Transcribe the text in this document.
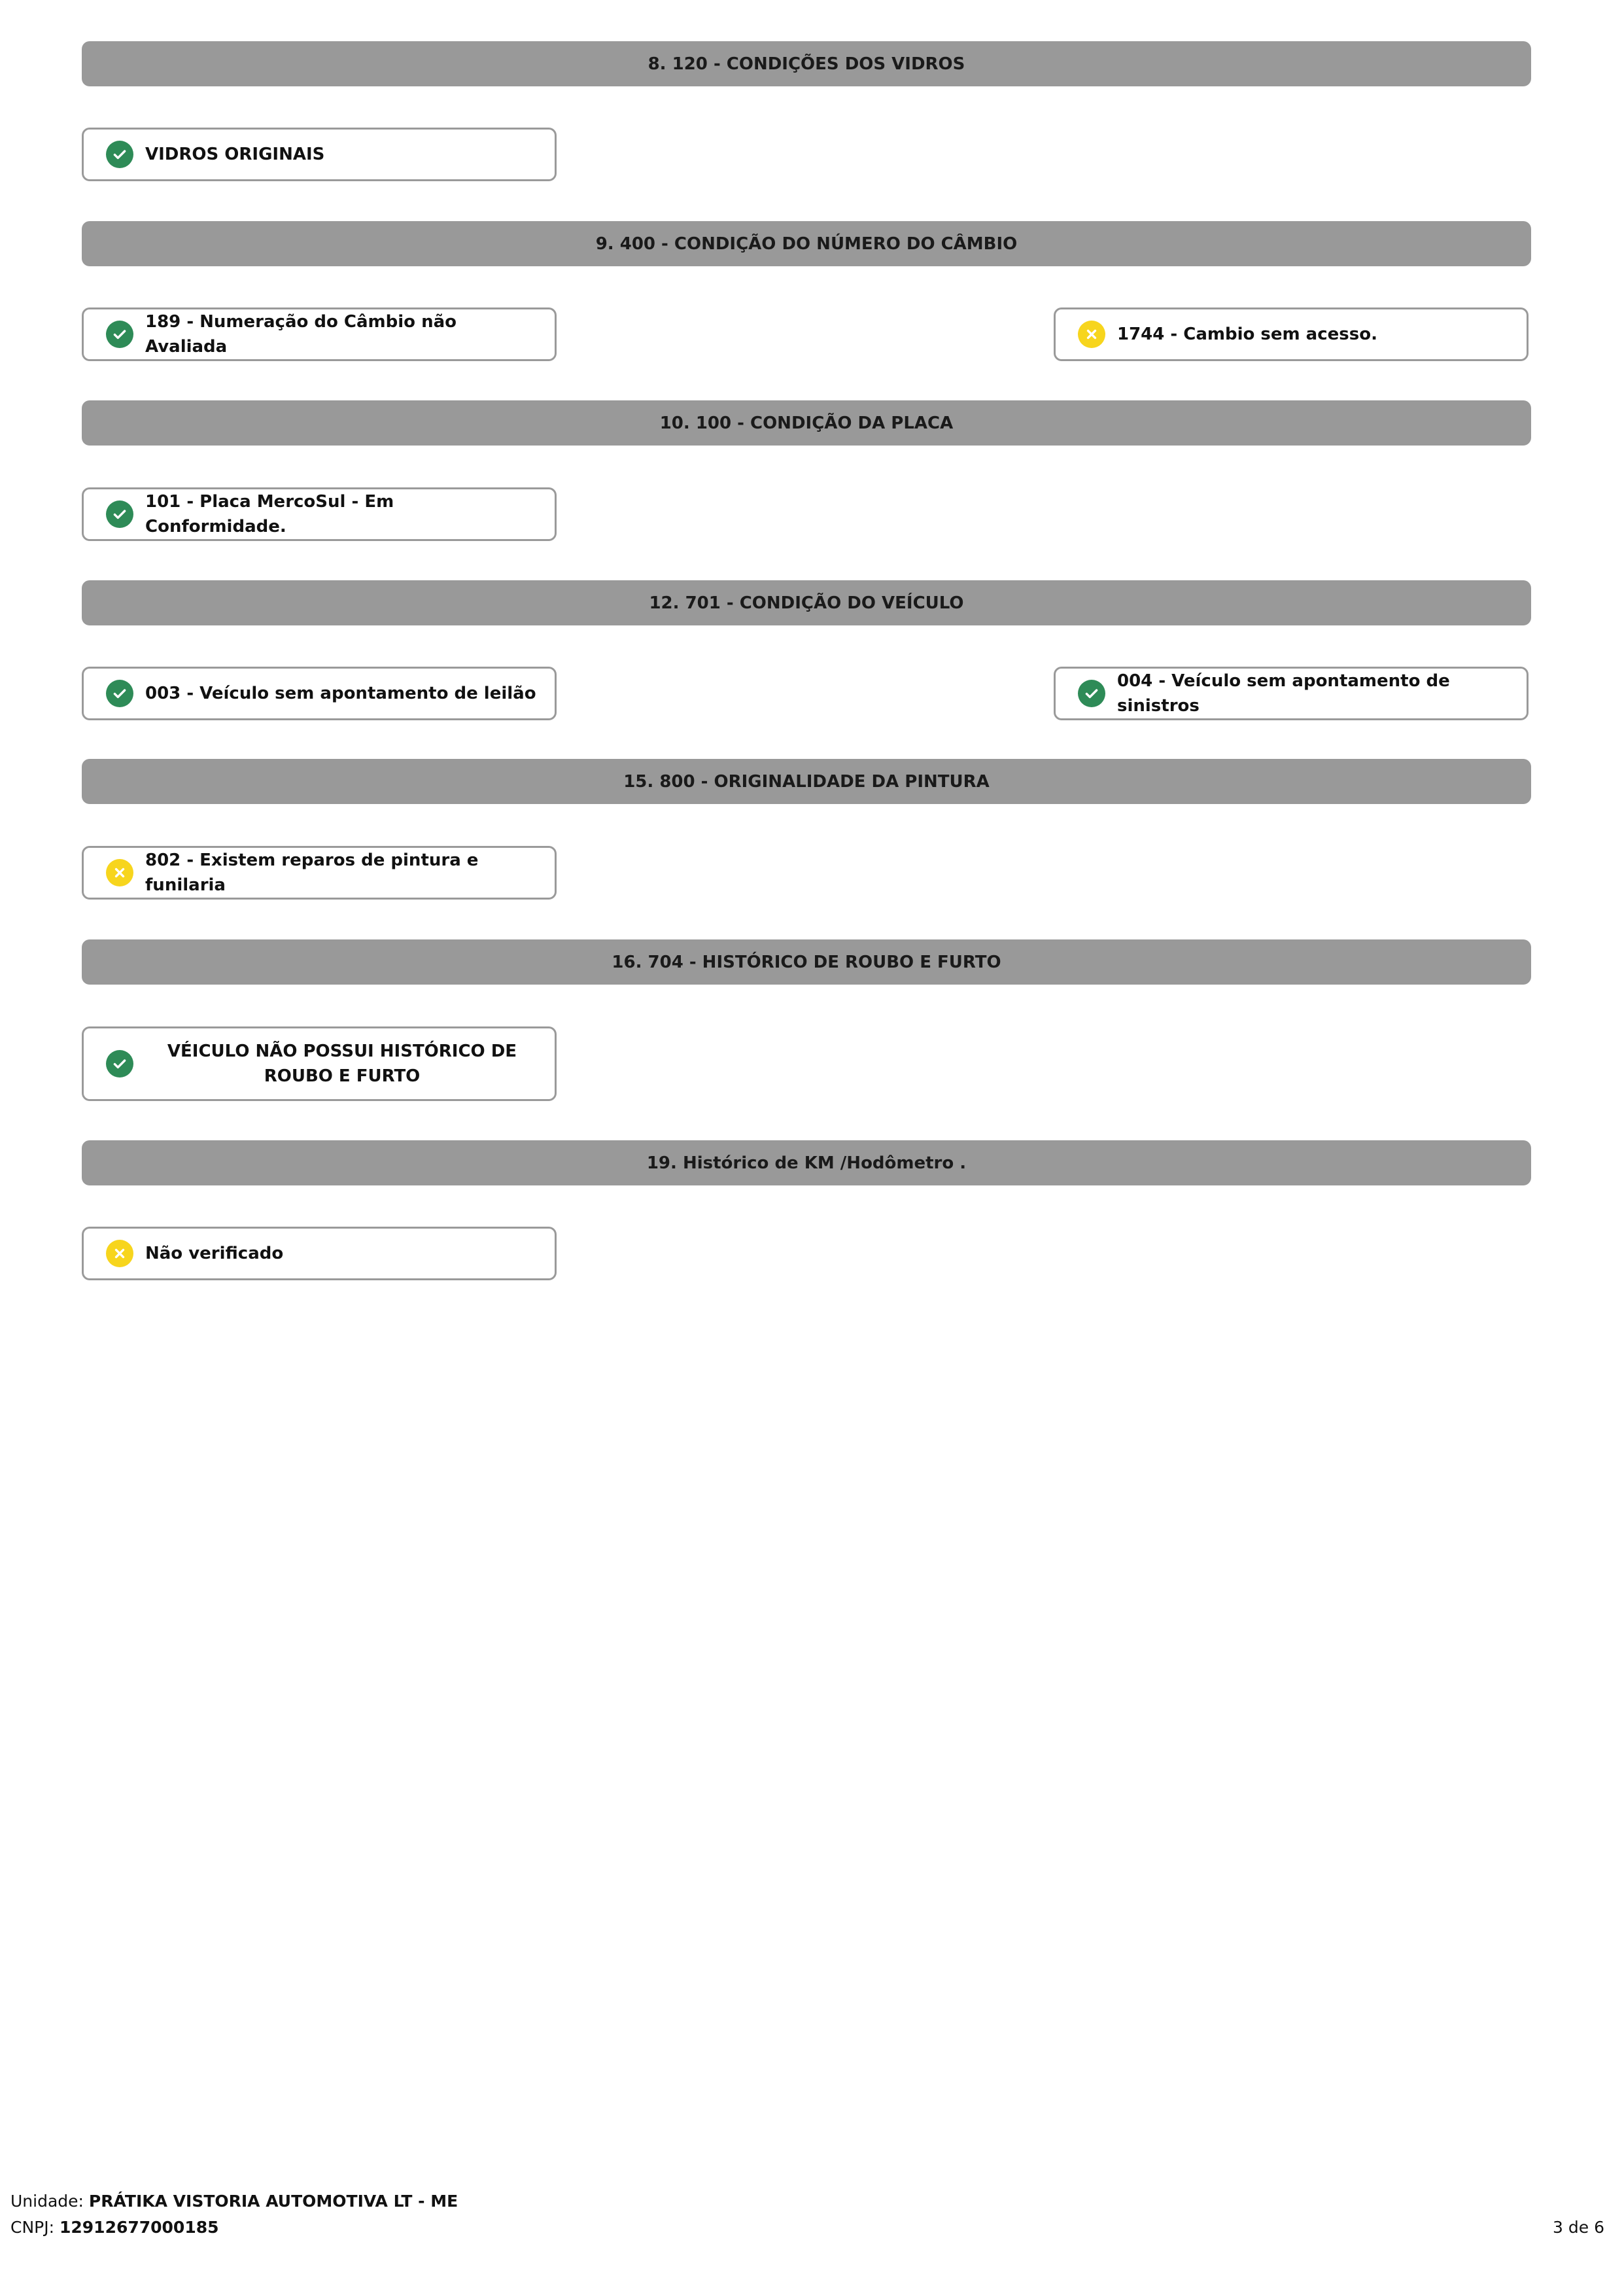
8. 120 - CONDIÇÕES DOS VIDROS
VIDROS ORIGINAIS
9. 400 - CONDIÇÃO DO NÚMERO DO CÂMBIO
189 - Numeração do Câmbio não Avaliada
1744 - Cambio sem acesso.
10. 100 - CONDIÇÃO DA PLACA
101 - Placa MercoSul - Em Conformidade.
12. 701 - CONDIÇÃO DO VEÍCULO
003 - Veículo sem apontamento de leilão
004 - Veículo sem apontamento de sinistros
15. 800 - ORIGINALIDADE DA PINTURA
802 - Existem reparos de pintura e funilaria
16. 704 - HISTÓRICO DE ROUBO E FURTO
VÉICULO NÃO POSSUI HISTÓRICO DE ROUBO E FURTO
19. Histórico de KM /Hodômetro .
Não verificado
Unidade: PRÁTIKA VISTORIA AUTOMOTIVA LT - ME
CNPJ: 12912677000185	3 de 6
